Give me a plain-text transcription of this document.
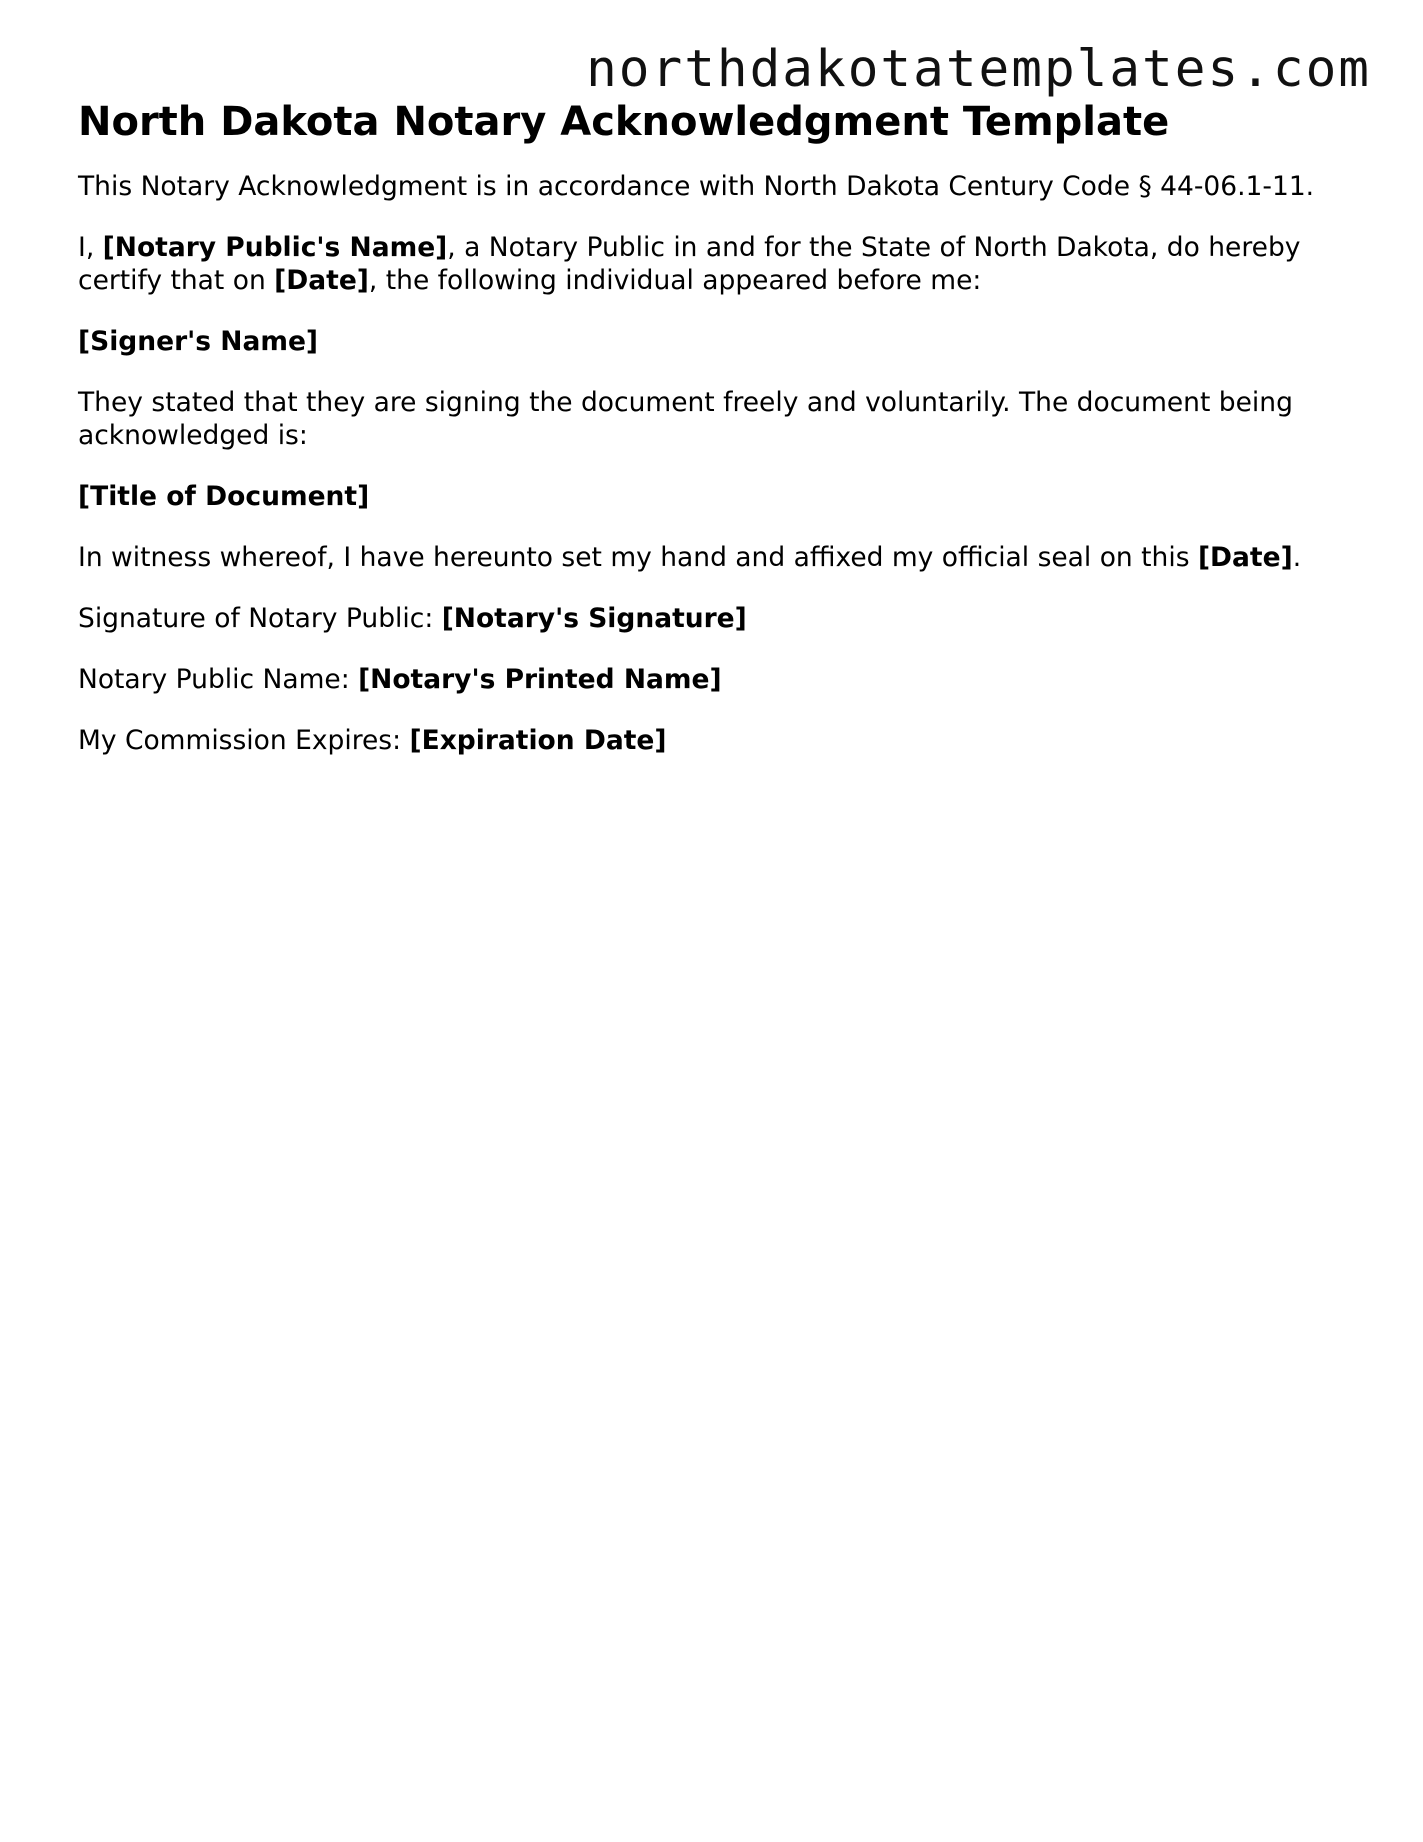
northdakotatemplates.com
North Dakota Notary Acknowledgment Template

This Notary Acknowledgment is in accordance with North Dakota Century Code § 44-06.1-11.

I, [Notary Public's Name], a Notary Public in and for the State of North Dakota, do hereby certify that on [Date], the following individual appeared before me:

[Signer's Name]

They stated that they are signing the document freely and voluntarily. The document being acknowledged is:

[Title of Document]

In witness whereof, I have hereunto set my hand and affixed my official seal on this [Date].

Signature of Notary Public: [Notary's Signature]

Notary Public Name: [Notary's Printed Name]

My Commission Expires: [Expiration Date]
